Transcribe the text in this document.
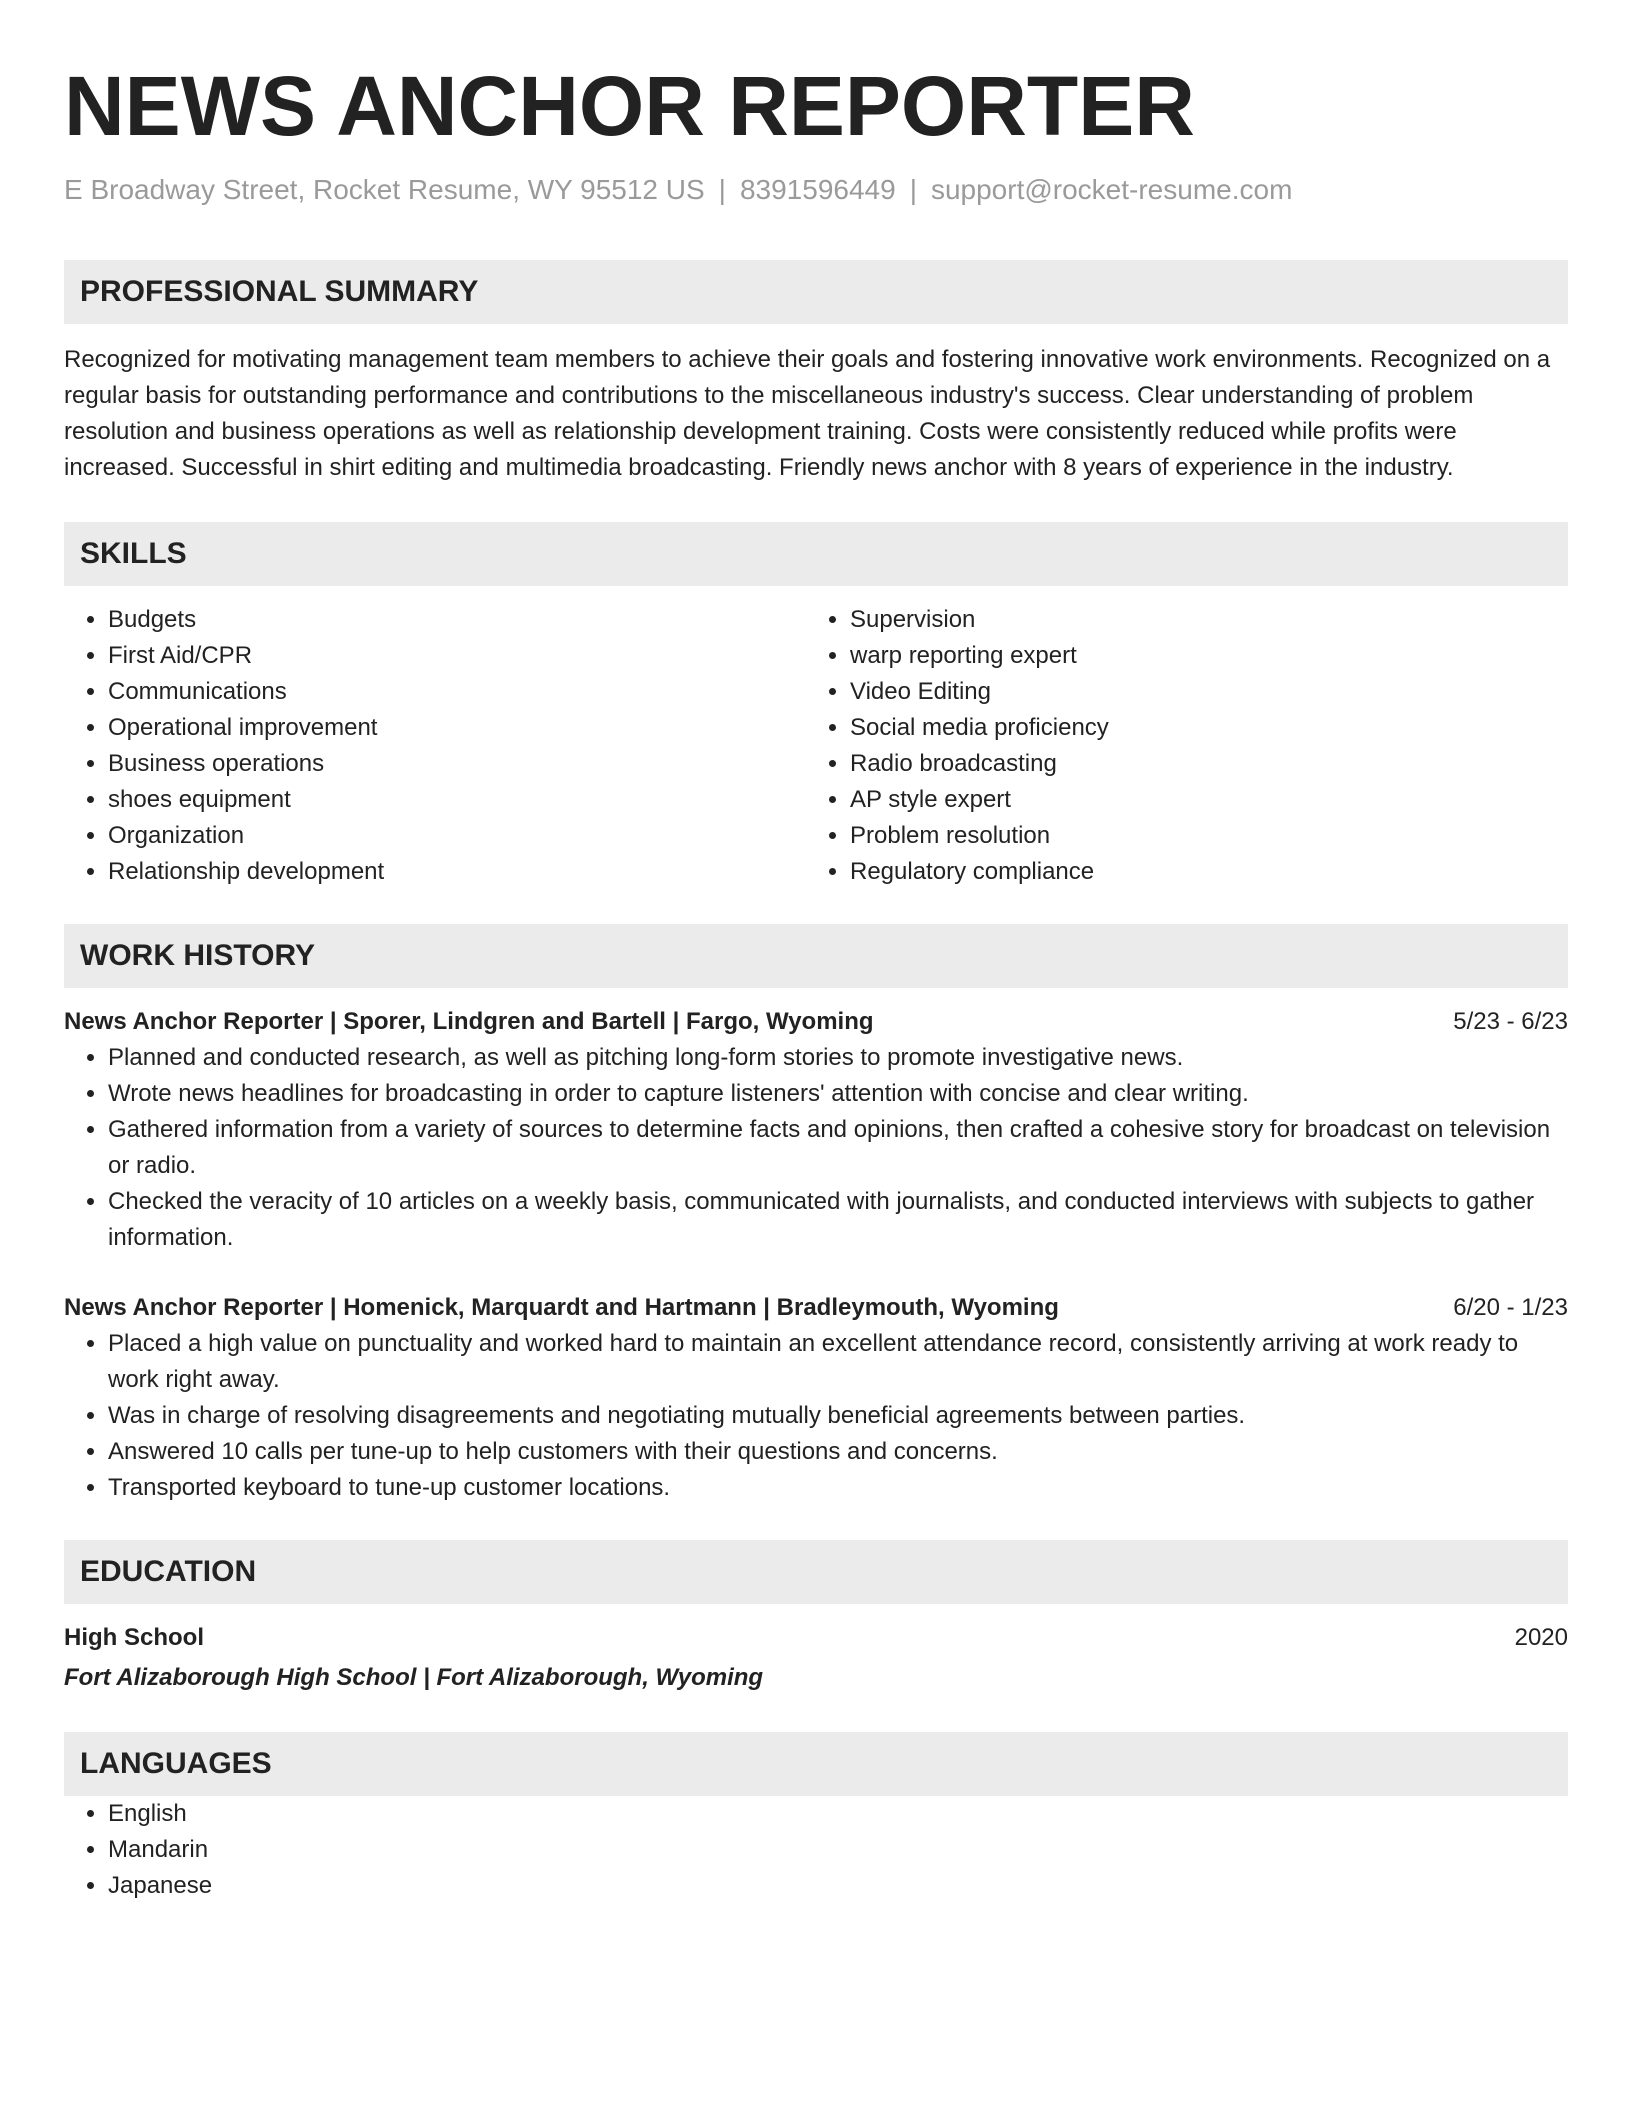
NEWS ANCHOR REPORTER
E Broadway Street, Rocket Resume, WY 95512 US | 8391596449 | support@rocket-resume.com
PROFESSIONAL SUMMARY

Recognized for motivating management team members to achieve their goals and fostering innovative work environments. Recognized on a regular basis for outstanding performance and contributions to the miscellaneous industry's success. Clear understanding of problem resolution and business operations as well as relationship development training. Costs were consistently reduced while profits were increased. Successful in shirt editing and multimedia broadcasting. Friendly news anchor with 8 years of experience in the industry.

SKILLS
• Budgets
• First Aid/CPR
• Communications
• Operational improvement
• Business operations
• shoes equipment
• Organization
• Relationship development
• Supervision
• warp reporting expert
• Video Editing
• Social media proficiency
• Radio broadcasting
• AP style expert
• Problem resolution
• Regulatory compliance
WORK HISTORY
News Anchor Reporter | Sporer, Lindgren and Bartell | Fargo, Wyoming	5/23 - 6/23
• Planned and conducted research, as well as pitching long-form stories to promote investigative news.
• Wrote news headlines for broadcasting in order to capture listeners' attention with concise and clear writing.
• Gathered information from a variety of sources to determine facts and opinions, then crafted a cohesive story for broadcast on television or radio.
• Checked the veracity of 10 articles on a weekly basis, communicated with journalists, and conducted interviews with subjects to gather information.
News Anchor Reporter | Homenick, Marquardt and Hartmann | Bradleymouth, Wyoming	6/20 - 1/23
• Placed a high value on punctuality and worked hard to maintain an excellent attendance record, consistently arriving at work ready to work right away.
• Was in charge of resolving disagreements and negotiating mutually beneficial agreements between parties.
• Answered 10 calls per tune-up to help customers with their questions and concerns.
• Transported keyboard to tune-up customer locations.
EDUCATION
High School	2020
Fort Alizaborough High School | Fort Alizaborough, Wyoming
LANGUAGES
• English
• Mandarin
• Japanese
